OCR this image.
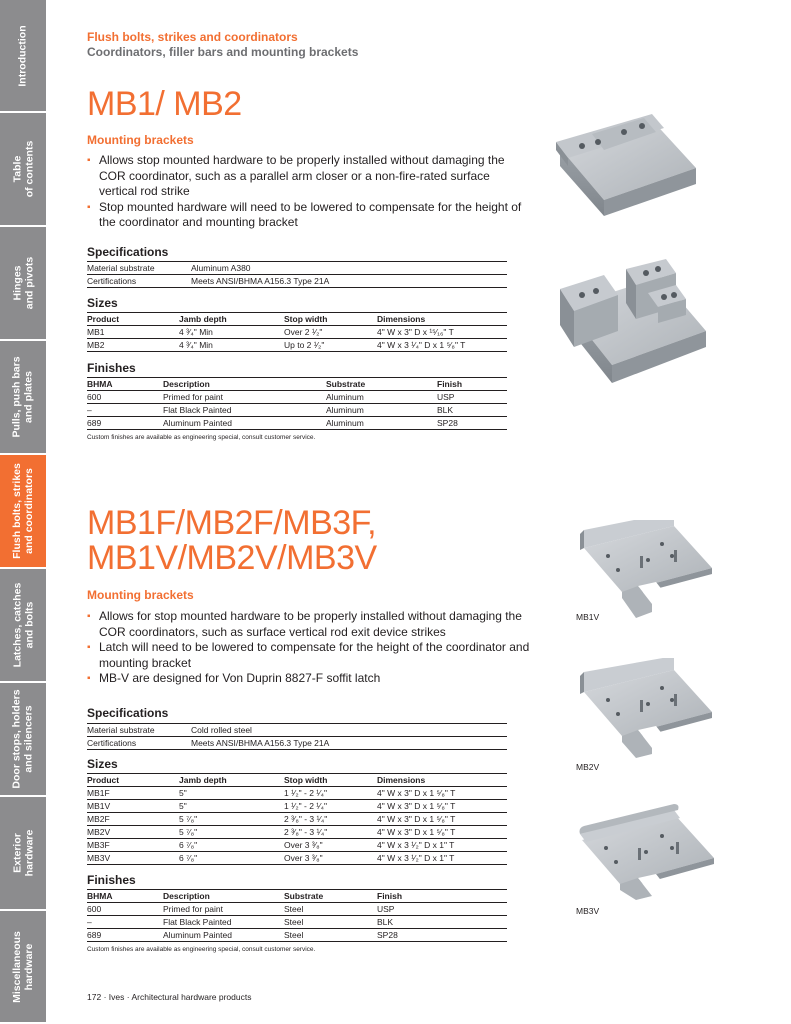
Introduction
Table
of contents
Hinges
and pivots
Pulls, push bars
and plates
Flush bolts, strikes
and coordinators
Latches, catches
and bolts
Door stops, holders
and silencers
Exterior
hardware
Miscellaneous
hardware
Flush bolts, strikes and coordinators
Coordinators, filler bars and mounting brackets
MB1/ MB2
Mounting brackets
▪ Allows stop mounted hardware to be properly installed without damaging the COR coordinator, such as a parallel arm closer or a non-fire-rated surface vertical rod strike
▪ Stop mounted hardware will need to be lowered to compensate for the height of the coordinator and mounting bracket
Specifications
Material substrate	Aluminum A380
Certifications	Meets ANSI/BHMA A156.3 Type 21A
Sizes
Product	Jamb depth	Stop width	Dimensions
MB1	4 ³⁄₄" Min	Over 2 ¹⁄₂"	4" W x 3" D x ¹⁵⁄₁₆" T
MB2	4 ³⁄₄" Min	Up to 2 ¹⁄₂"	4" W x 3 ¹⁄₄" D x 1 ⁵⁄₈" T
Finishes
BHMA	Description	Substrate	Finish
600	Primed for paint	Aluminum	USP
–	Flat Black Painted	Aluminum	BLK
689	Aluminum Painted	Aluminum	SP28
Custom finishes are available as engineering special, consult customer service.
MB1F/MB2F/MB3F,
MB1V/MB2V/MB3V
Mounting brackets
▪ Allows for stop mounted hardware to be properly installed without damaging the COR coordinators, such as surface vertical rod exit device strikes
▪ Latch will need to be lowered to compensate for the height of the coordinator and mounting bracket
▪ MB-V are designed for Von Duprin 8827-F soffit latch
Specifications
Material substrate	Cold rolled steel
Certifications	Meets ANSI/BHMA A156.3 Type 21A
Sizes
Product	Jamb depth	Stop width	Dimensions
MB1F	5"	1 ¹⁄₂" - 2 ¹⁄₄"	4" W x 3" D x 1 ⁵⁄₈" T
MB1V	5"	1 ¹⁄₂" - 2 ¹⁄₄"	4" W x 3" D x 1 ⁵⁄₈" T
MB2F	5 ⁷⁄₈"	2 ³⁄₈" - 3 ¹⁄₄"	4" W x 3" D x 1 ⁵⁄₈" T
MB2V	5 ⁷⁄₈"	2 ³⁄₈" - 3 ¹⁄₄"	4" W x 3" D x 1 ⁵⁄₈" T
MB3F	6 ⁷⁄₈"	Over 3 ³⁄₈"	4" W x 3 ¹⁄₂" D x 1" T
MB3V	6 ⁷⁄₈"	Over 3 ³⁄₈"	4" W x 3 ¹⁄₂" D x 1" T
Finishes
BHMA	Description	Substrate	Finish
600	Primed for paint	Steel	USP
–	Flat Black Painted	Steel	BLK
689	Aluminum Painted	Steel	SP28
Custom finishes are available as engineering special, consult customer service.
MB1V
MB2V
MB3V
172 · Ives · Architectural hardware products
